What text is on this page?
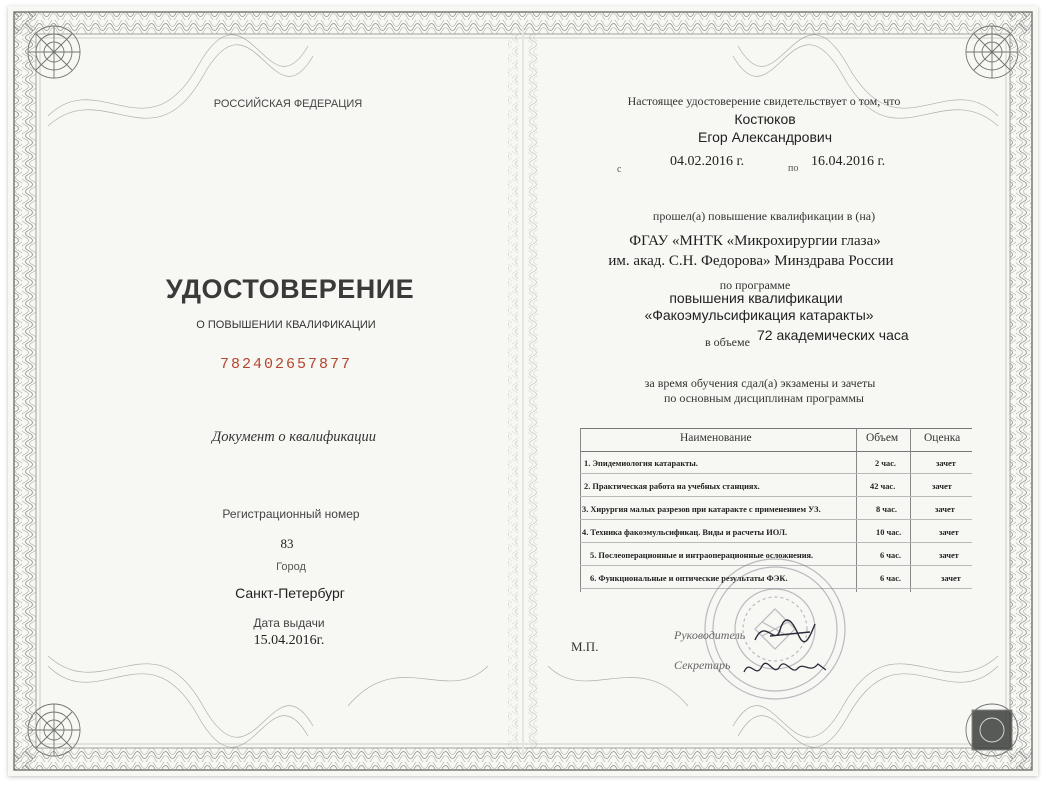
РОССИЙСКАЯ ФЕДЕРАЦИЯ
УДОСТОВЕРЕНИЕ
О ПОВЫШЕНИИ КВАЛИФИКАЦИИ
782402657877
Документ о квалификации
Регистрационный номер
83
Город
Санкт-Петербург
Дата выдачи
15.04.2016г.
Настоящее удостоверение свидетельствует о том, что
Костюков
Егор Александрович
с
04.02.2016 г.	по 16.04.2016 г.
прошел(а) повышение квалификации в (на)
ФГАУ «МНТК «Микрохирургии глаза»
им. акад. С.Н. Федорова» Минздрава России
по программе
повышения квалификации
«Факоэмульсификация катаракты»
в объеме 72 академических часа
за время обучения сдал(а) экзамены и зачеты
по основным дисциплинам программы
Наименование	Объем Оценка
1. Эпидемиология катаракты.	2 час.	зачет
2. Практическая работа на учебных станциях.	42 час.	зачет
3. Хирургия малых разрезов при катаракте с применением УЗ.	8 час.	зачет
4. Техника факоэмульсификац. Виды и расчеты ИОЛ.	10 час.	зачет
5. Послеоперационные и интраоперационные осложнения.	6 час.	зачет
6. Функциональные и оптические результаты ФЭК.	6 час.	зачет
М.П.
Руководитель
Секретарь
